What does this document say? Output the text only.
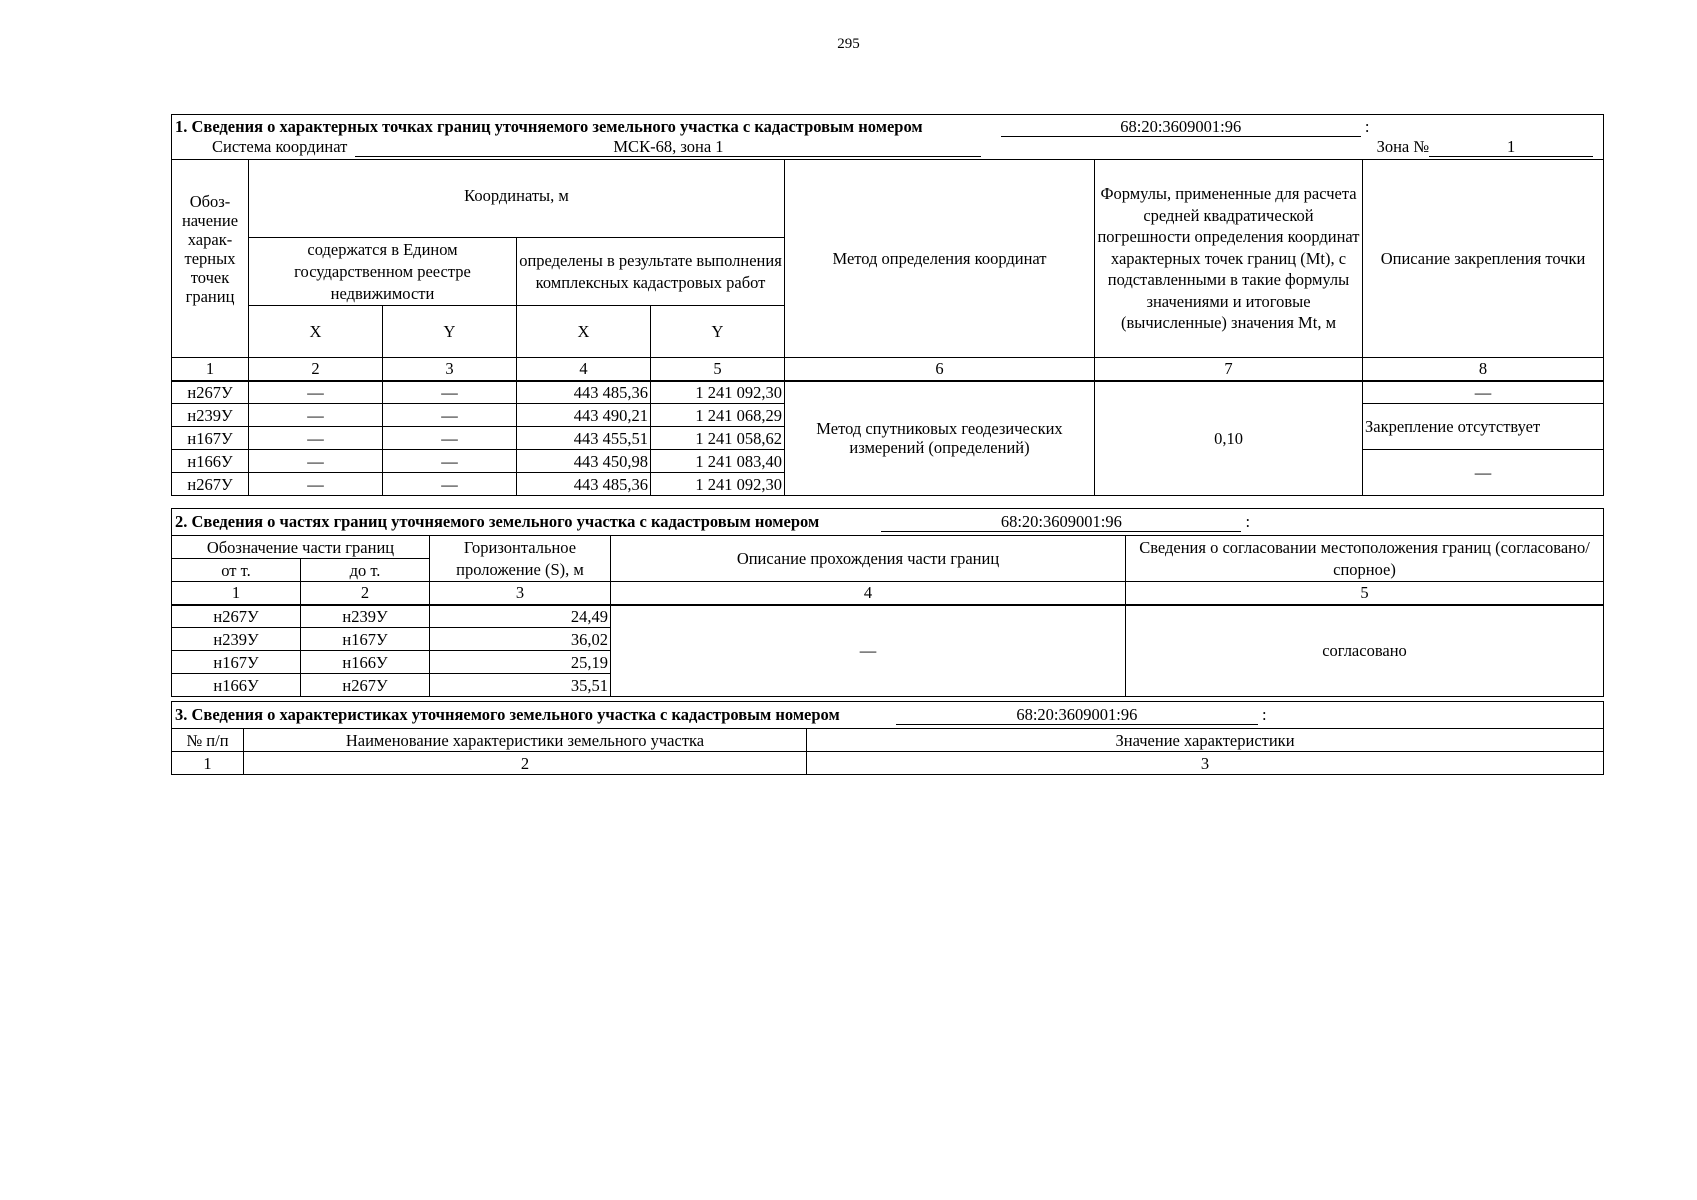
295
1. Сведения о характерных точках границ уточняемого земельного участка с кадастровым номером 68:20:3609001:96 :							
Система координат МСК-68, зона 1 Зона № 1							

Обоз-начение харак-терных точек границ	Координаты, м				Метод определения координат	Формулы, примененные для расчета средней квадратической погрешности определения координат характерных точек границ (Mt), с подставленными в такие формулы значениями и итоговые (вычисленные) значения Mt, м	Описание закрепления точки
	содержатся в Едином государственном реестре недвижимости		определены в результате выполнения комплексных кадастровых работ				
	X	Y	X	Y			
1	2	3	4	5	6	7	8
н267У	—	—	443 485,36	1 241 092,30	Метод спутниковых геодезических измерений (определений)	0,10	—
н239У	—	—	443 490,21	1 241 068,29			Закрепление отсутствует
н167У	—	—	443 455,51	1 241 058,62			
н166У	—	—	443 450,98	1 241 083,40			—
н267У	—	—	443 485,36	1 241 092,30			
2. Сведения о частях границ уточняемого земельного участка с кадастровым номером 68:20:3609001:96 :				
Обозначение части границ		Горизонтальное проложение (S), м	Описание прохождения части границ	Сведения о согласовании местоположения границ (согласовано/спорное)
от т.	до т.			
1	2	3	4	5
н267У	н239У	24,49	—	согласовано
н239У	н167У	36,02		
н167У	н166У	25,19		
н166У	н267У	35,51		
3. Сведения о характеристиках уточняемого земельного участка с кадастровым номером 68:20:3609001:96 :		
№ п/п	Наименование характеристики земельного участка	Значение характеристики
1	2	3
